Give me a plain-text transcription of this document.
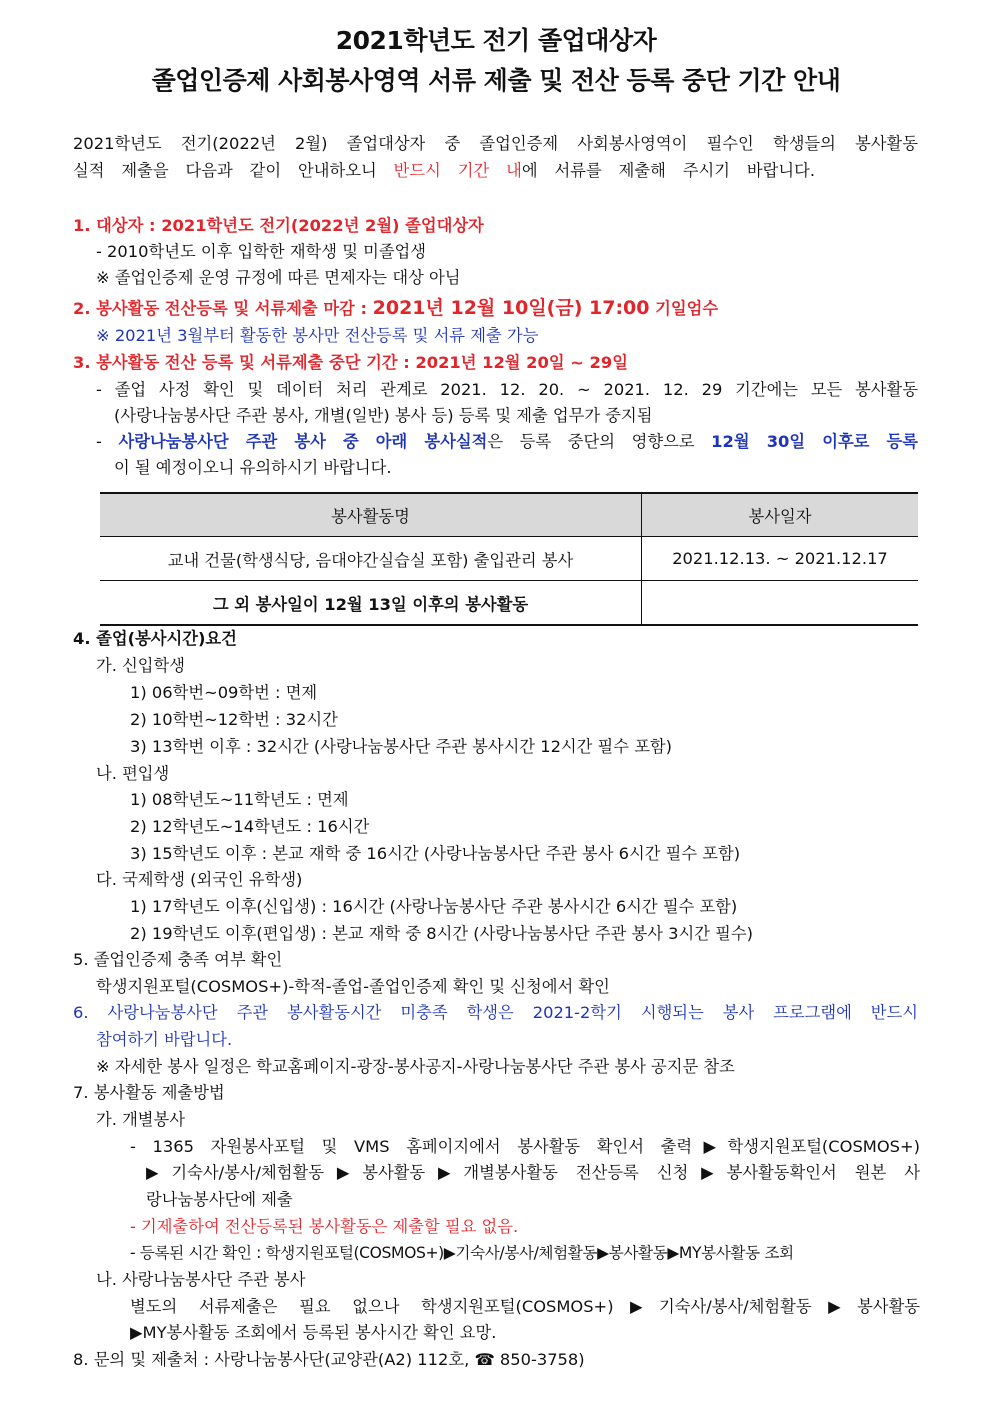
2021학년도 전기 졸업대상자
졸업인증제 사회봉사영역 서류 제출 및 전산 등록 중단 기간 안내
2021학년도 전기(2022년 2월) 졸업대상자 중 졸업인증제 사회봉사영역이 필수인 학생들의 봉사활동
실적 제출을 다음과 같이 안내하오니 반드시 기간 내에 서류를 제출해 주시기 바랍니다.
1. 대상자 : 2021학년도 전기(2022년 2월) 졸업대상자
- 2010학년도 이후 입학한 재학생 및 미졸업생
※ 졸업인증제 운영 규정에 따른 면제자는 대상 아님
2. 봉사활동 전산등록 및 서류제출 마감 : 2021년 12월 10일(금) 17:00 기일엄수
※ 2021년 3월부터 활동한 봉사만 전산등록 및 서류 제출 가능
3. 봉사활동 전산 등록 및 서류제출 중단 기간 : 2021년 12월 20일 ~ 29일
- 졸업 사정 확인 및 데이터 처리 관계로 2021. 12. 20. ~ 2021. 12. 29 기간에는 모든 봉사활동
(사랑나눔봉사단 주관 봉사, 개별(일반) 봉사 등) 등록 및 제출 업무가 중지됨
- 사랑나눔봉사단 주관 봉사 중 아래 봉사실적은 등록 중단의 영향으로 12월 30일 이후로 등록
이 될 예정이오니 유의하시기 바랍니다.
봉사활동명	봉사일자
교내 건물(학생식당, 음대야간실습실 포함) 출입관리 봉사	2021.12.13. ~ 2021.12.17
그 외 봉사일이 12월 13일 이후의 봉사활동	
4. 졸업(봉사시간)요건
가. 신입학생
1) 06학번~09학번 : 면제
2) 10학번~12학번 : 32시간
3) 13학번 이후 : 32시간 (사랑나눔봉사단 주관 봉사시간 12시간 필수 포함)
나. 편입생
1) 08학년도~11학년도 : 면제
2) 12학년도~14학년도 : 16시간
3) 15학년도 이후 : 본교 재학 중 16시간 (사랑나눔봉사단 주관 봉사 6시간 필수 포함)
다. 국제학생 (외국인 유학생)
1) 17학년도 이후(신입생) : 16시간 (사랑나눔봉사단 주관 봉사시간 6시간 필수 포함)
2) 19학년도 이후(편입생) : 본교 재학 중 8시간 (사랑나눔봉사단 주관 봉사 3시간 필수)
5. 졸업인증제 충족 여부 확인
학생지원포털(COSMOS+)-학적-졸업-졸업인증제 확인 및 신청에서 확인
6. 사랑나눔봉사단 주관 봉사활동시간 미충족 학생은 2021-2학기 시행되는 봉사 프로그램에 반드시
참여하기 바랍니다.
※ 자세한 봉사 일정은 학교홈페이지-광장-봉사공지-사랑나눔봉사단 주관 봉사 공지문 참조
7. 봉사활동 제출방법
가. 개별봉사
- 1365 자원봉사포털 및 VMS 홈페이지에서 봉사활동 확인서 출력▶학생지원포털(COSMOS+)
▶기숙사/봉사/체험활동▶봉사활동▶개별봉사활동 전산등록 신청▶봉사활동확인서 원본 사
랑나눔봉사단에 제출
- 기제출하여 전산등록된 봉사활동은 제출할 필요 없음.
- 등록된 시간 확인 : 학생지원포털(COSMOS+)▶기숙사/봉사/체험활동▶봉사활동▶MY봉사활동 조회
나. 사랑나눔봉사단 주관 봉사
별도의 서류제출은 필요 없으나 학생지원포털(COSMOS+)▶기숙사/봉사/체험활동▶봉사활동
▶MY봉사활동 조회에서 등록된 봉사시간 확인 요망.
8. 문의 및 제출처 : 사랑나눔봉사단(교양관(A2) 112호, ☎ 850-3758)
